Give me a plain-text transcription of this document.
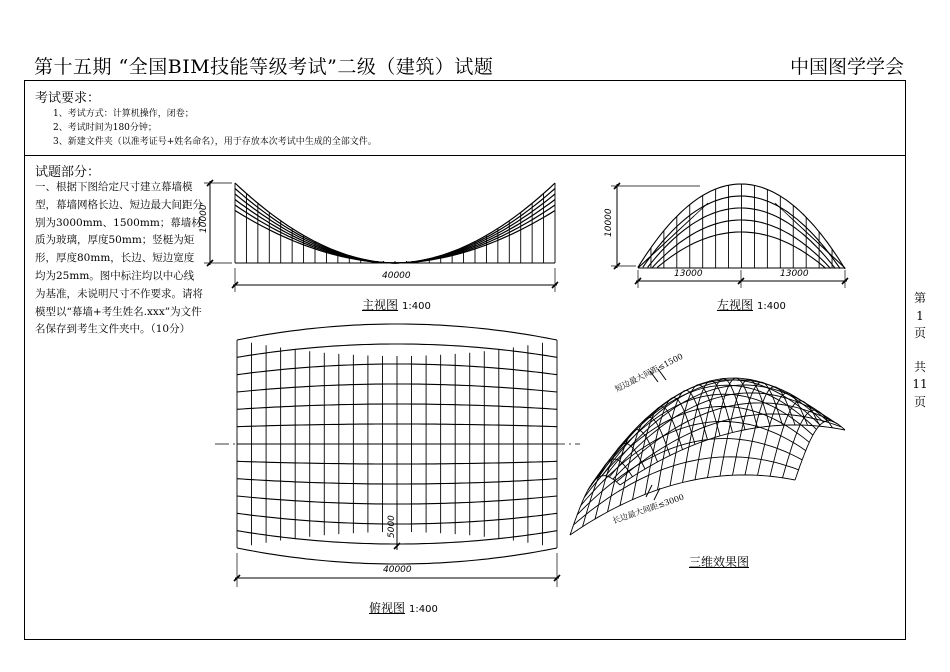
第十五期 “全国BIM技能等级考试”二级（建筑）试题	中国图学学会
考试要求：
1、考试方式：计算机操作，闭卷；
2、考试时间为180分钟；
3、新建文件夹（以准考证号+姓名命名），用于存放本次考试中生成的全部文件。
试题部分：
一、根据下图给定尺寸建立幕墙模型，幕墙网格长边、短边最大间距分别为3000mm、1500mm；幕墙材质为玻璃，厚度50mm；竖梃为矩形，厚度80mm，长边、短边宽度均为25mm。图中标注均以中心线为基准，未说明尺寸不作要求。请将模型以“幕墙+考生姓名.xxx”为文件名保存到考生文件夹中。（10分）
第
1
页
共
11
页
主视图 1:400	左视图 1:400
俯视图 1:400
三维效果图
40000
10000
13000	13000
10000
40000
5000
短边最大间距≤1500
长边最大间距≤3000
